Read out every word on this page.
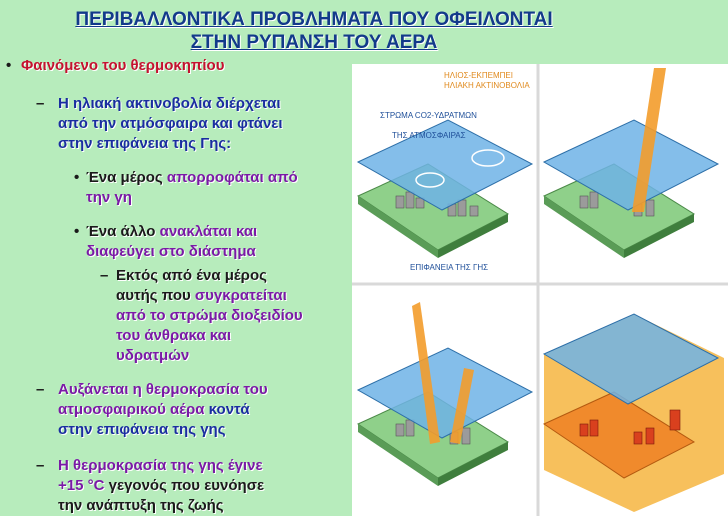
ΠΕΡΙΒΑΛΛΟΝΤΙΚΑ ΠΡΟΒΛΗΜΑΤΑ ΠΟΥ ΟΦΕΙΛΟΝΤΑΙ
ΣΤΗΝ ΡΥΠΑΝΣΗ ΤΟΥ ΑΕΡΑ
• Φαινόμενο του θερμοκηπίου
– Η ηλιακή ακτινοβολία διέρχεται
από την ατμόσφαιρα και φτάνει
στην επιφάνεια της Γης:
• Ένα μέρος απορροφάται από
την γη
• Ένα άλλο ανακλάται και
διαφεύγει στο διάστημα
– Εκτός από ένα μέρος
αυτής που συγκρατείται
από το στρώμα διοξειδίου
του άνθρακα και
υδρατμών
– Αυξάνεται η θερμοκρασία του
ατμοσφαιρικού αέρα κοντά
στην επιφάνεια της γης
– Η θερμοκρασία της γης έγινε
+15 °C γεγονός που ευνόησε
την ανάπτυξη της ζωής
ΗΛΙΟΣ-ΕΚΠΕΜΠΕΙ
ΗΛΙΑΚΗ ΑΚΤΙΝΟΒΟΛΙΑ
ΣΤΡΩΜΑ CO2-ΥΔΡΑΤΜΩΝ
ΤΗΣ ΑΤΜΟΣΦΑΙΡΑΣ
ΕΠΙΦΑΝΕΙΑ ΤΗΣ ΓΗΣ
